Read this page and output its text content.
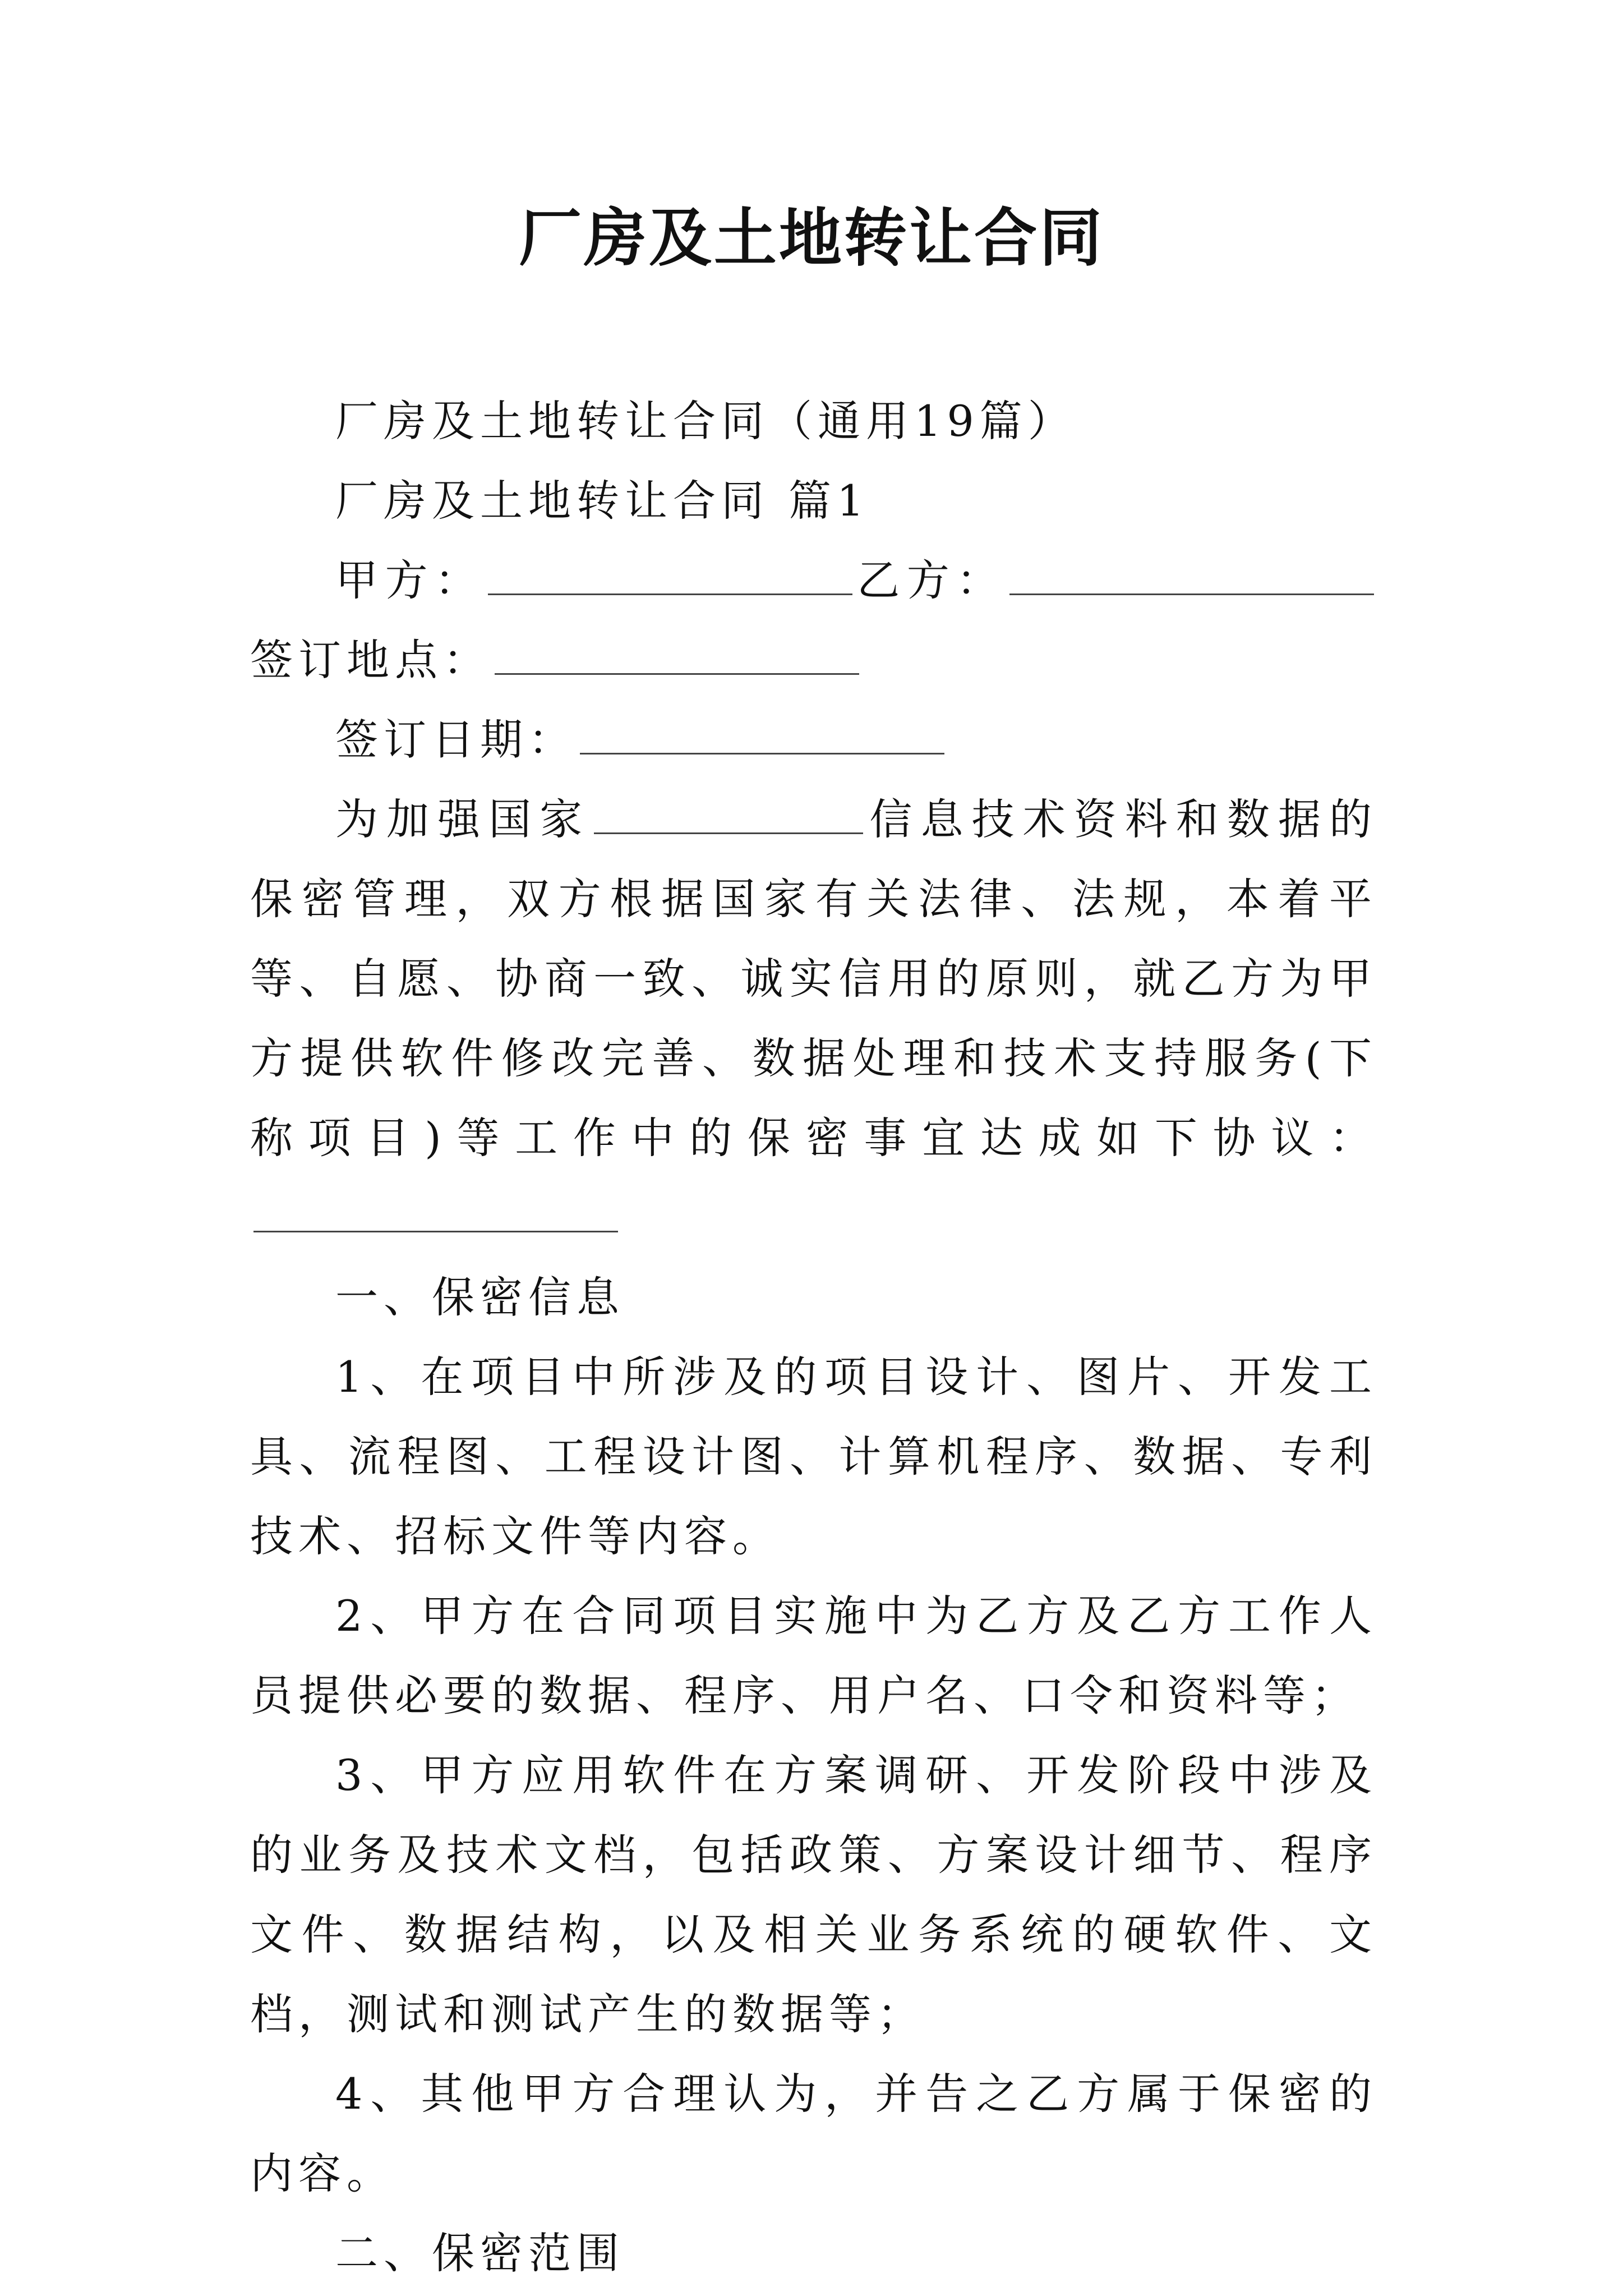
厂房及土地转让合同

厂房及土地转让合同（通用19篇）

厂房及土地转让合同 篇1

甲方：	乙方：签订地点：

签订日期：

为加强国家	信息技术资料和数据的保密管理，双方根据国家有关法律、法规，本着平等、自愿、协商一致、诚实信用的原则，就乙方为甲方提供软件修改完善、数据处理和技术支持服务(下称项目)等工作中的保密事宜达成如下协议：

一、保密信息

1、在项目中所涉及的项目设计、图片、开发工具、流程图、工程设计图、计算机程序、数据、专利技术、招标文件等内容。

2、甲方在合同项目实施中为乙方及乙方工作人员提供必要的数据、程序、用户名、口令和资料等；

3、甲方应用软件在方案调研、开发阶段中涉及的业务及技术文档，包括政策、方案设计细节、程序文件、数据结构，以及相关业务系统的硬软件、文档，测试和测试产生的数据等；

4、其他甲方合理认为，并告之乙方属于保密的内容。

二、保密范围
